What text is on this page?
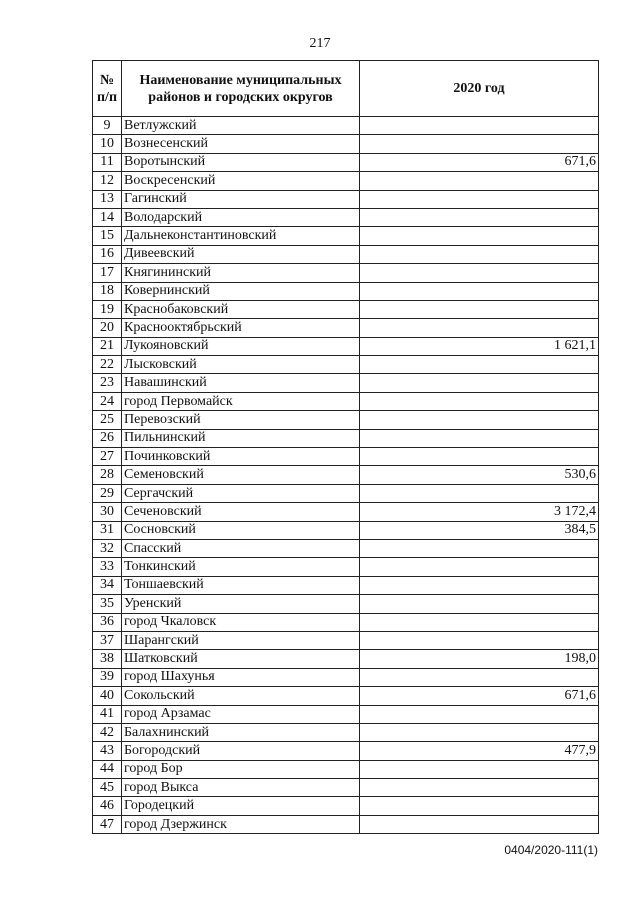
217
№ п/п	Наименование муниципальных районов и городских округов	2020 год
9	Ветлужский	
10	Вознесенский	
11	Воротынский	671,6
12	Воскресенский	
13	Гагинский	
14	Володарский	
15	Дальнеконстантиновский	
16	Дивеевский	
17	Княгининский	
18	Ковернинский	
19	Краснобаковский	
20	Краснооктябрьский	
21	Лукояновский	1 621,1
22	Лысковский	
23	Навашинский	
24	город Первомайск	
25	Перевозский	
26	Пильнинский	
27	Починковский	
28	Семеновский	530,6
29	Сергачский	
30	Сеченовский	3 172,4
31	Сосновский	384,5
32	Спасский	
33	Тонкинский	
34	Тоншаевский	
35	Уренский	
36	город Чкаловск	
37	Шарангский	
38	Шатковский	198,0
39	город Шахунья	
40	Сокольский	671,6
41	город Арзамас	
42	Балахнинский	
43	Богородский	477,9
44	город Бор	
45	город Выкса	
46	Городецкий	
47	город Дзержинск	
0404/2020-111(1)
